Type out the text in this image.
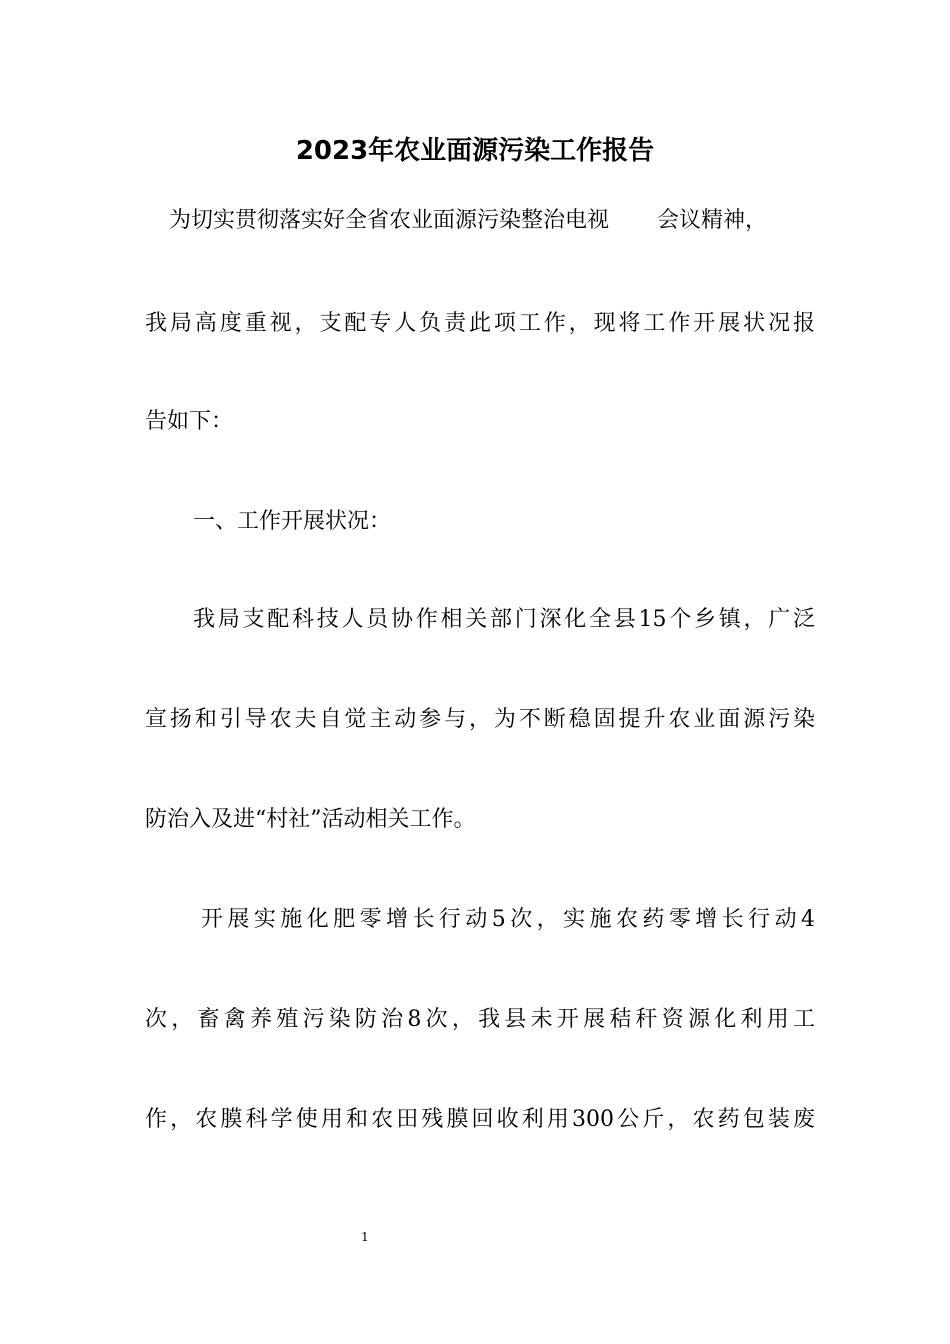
2023年农业面源污染工作报告

为切实贯彻落实好全省农业面源污染整治电视 会议精神，

我局高度重视，支配专人负责此项工作，现将工作开展状况报

告如下：

一、工作开展状况：

我局支配科技人员协作相关部门深化全县15个乡镇，广泛

宣扬和引导农夫自觉主动参与，为不断稳固提升农业面源污染

防治入及进“村社”活动相关工作。

开展实施化肥零增长行动5次，实施农药零增长行动4

次，畜禽养殖污染防治8次，我县未开展秸秆资源化利用工

作，农膜科学使用和农田残膜回收利用300公斤，农药包装废

1
